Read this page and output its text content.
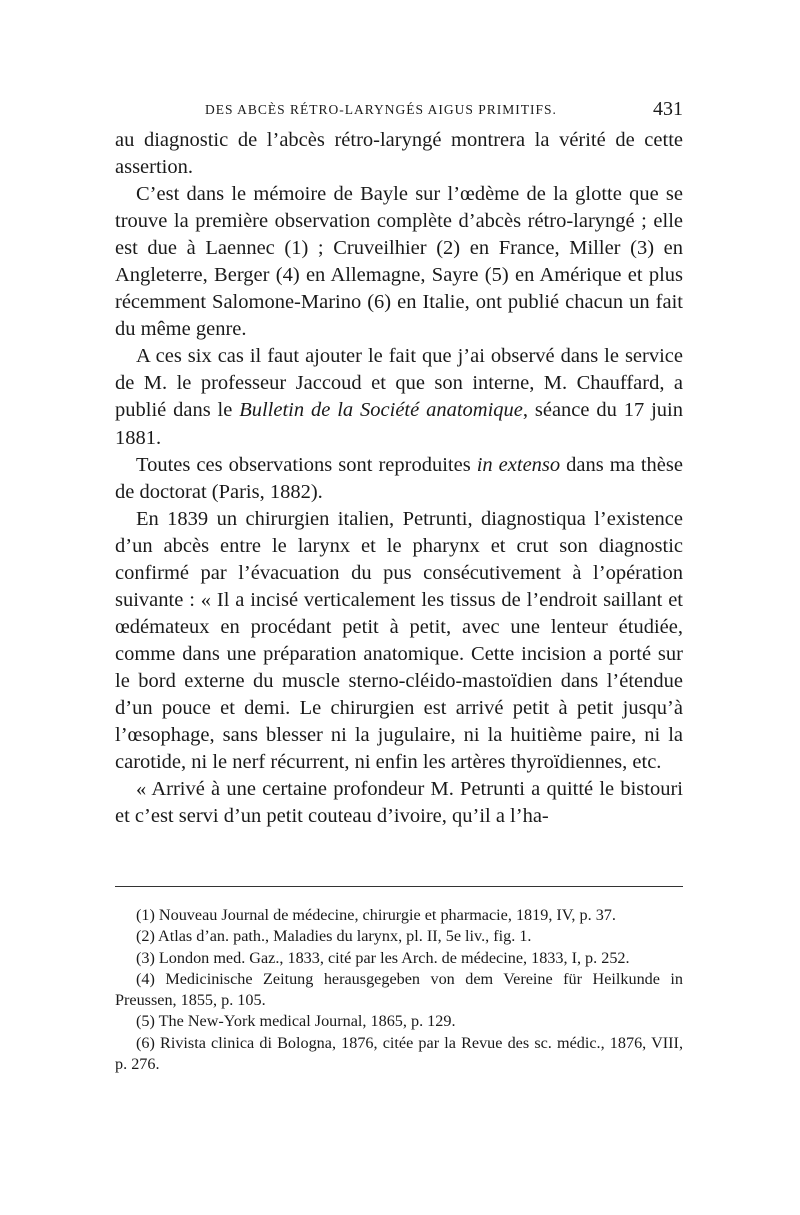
DES ABCÈS RÉTRO-LARYNGÉS AIGUS PRIMITIFS.	431

au diagnostic de l’abcès rétro-laryngé montrera la vérité de cette assertion.

C’est dans le mémoire de Bayle sur l’œdème de la glotte que se trouve la première observation complète d’abcès rétro-laryngé ; elle est due à Laennec (1) ; Cruveilhier (2) en France, Miller (3) en Angleterre, Berger (4) en Allemagne, Sayre (5) en Amérique et plus récemment Salomone-Marino (6) en Italie, ont publié chacun un fait du même genre.

A ces six cas il faut ajouter le fait que j’ai observé dans le service de M. le professeur Jaccoud et que son interne, M. Chauffard, a publié dans le Bulletin de la Société anatomique, séance du 17 juin 1881.

Toutes ces observations sont reproduites in extenso dans ma thèse de doctorat (Paris, 1882).

En 1839 un chirurgien italien, Petrunti, diagnostiqua l’existence d’un abcès entre le larynx et le pharynx et crut son diagnostic confirmé par l’évacuation du pus consécutivement à l’opération suivante : « Il a incisé verticalement les tissus de l’endroit saillant et œdémateux en procédant petit à petit, avec une lenteur étudiée, comme dans une préparation anatomique. Cette incision a porté sur le bord externe du muscle sterno-cléido-mastoïdien dans l’étendue d’un pouce et demi. Le chirurgien est arrivé petit à petit jusqu’à l’œsophage, sans blesser ni la jugulaire, ni la huitième paire, ni la carotide, ni le nerf récurrent, ni enfin les artères thyroïdiennes, etc.

« Arrivé à une certaine profondeur M. Petrunti a quitté le bistouri et c’est servi d’un petit couteau d’ivoire, qu’il a l’ha-

(1) Nouveau Journal de médecine, chirurgie et pharmacie, 1819, IV, p. 37.

(2) Atlas d’an. path., Maladies du larynx, pl. II, 5e liv., fig. 1.

(3) London med. Gaz., 1833, cité par les Arch. de médecine, 1833, I, p. 252.

(4) Medicinische Zeitung herausgegeben von dem Vereine für Heilkunde in Preussen, 1855, p. 105.

(5) The New-York medical Journal, 1865, p. 129.

(6) Rivista clinica di Bologna, 1876, citée par la Revue des sc. médic., 1876, VIII, p. 276.
